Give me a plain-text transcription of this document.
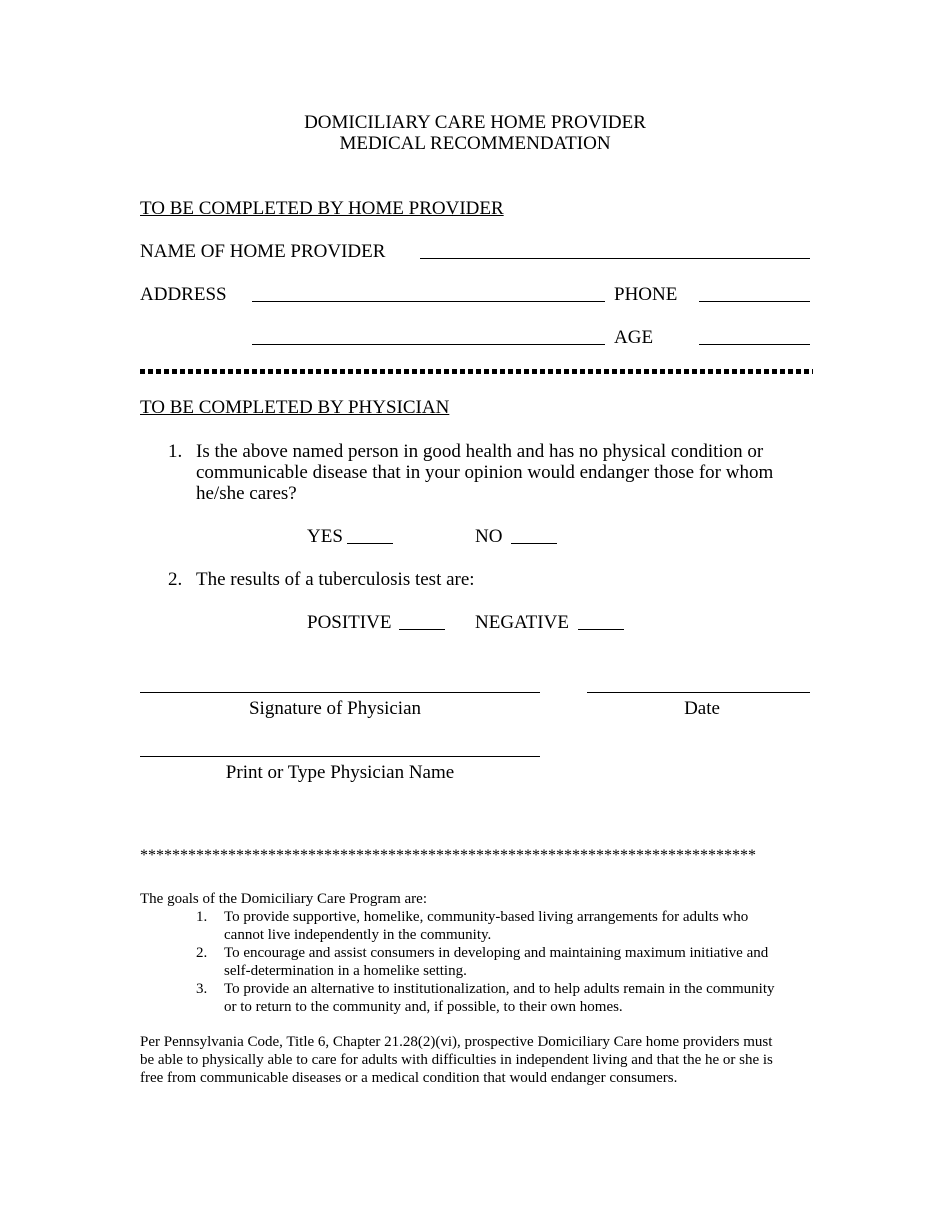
DOMICILIARY CARE HOME PROVIDER
MEDICAL RECOMMENDATION
TO BE COMPLETED BY HOME PROVIDER
NAME OF HOME PROVIDER
ADDRESS	PHONE
AGE
TO BE COMPLETED BY PHYSICIAN
1. Is the above named person in good health and has no physical condition or
communicable disease that in your opinion would endanger those for whom
he/she cares?
YES	NO
2. The results of a tuberculosis test are:
POSITIVE	NEGATIVE
Signature of Physician	Date
Print or Type Physician Name
*****************************************************************************
The goals of the Domiciliary Care Program are:
1. To provide supportive, homelike, community-based living arrangements for adults who
cannot live independently in the community.
2. To encourage and assist consumers in developing and maintaining maximum initiative and
self-determination in a homelike setting.
3. To provide an alternative to institutionalization, and to help adults remain in the community
or to return to the community and, if possible, to their own homes.
Per Pennsylvania Code, Title 6, Chapter 21.28(2)(vi), prospective Domiciliary Care home providers must
be able to physically able to care for adults with difficulties in independent living and that the he or she is
free from communicable diseases or a medical condition that would endanger consumers.
